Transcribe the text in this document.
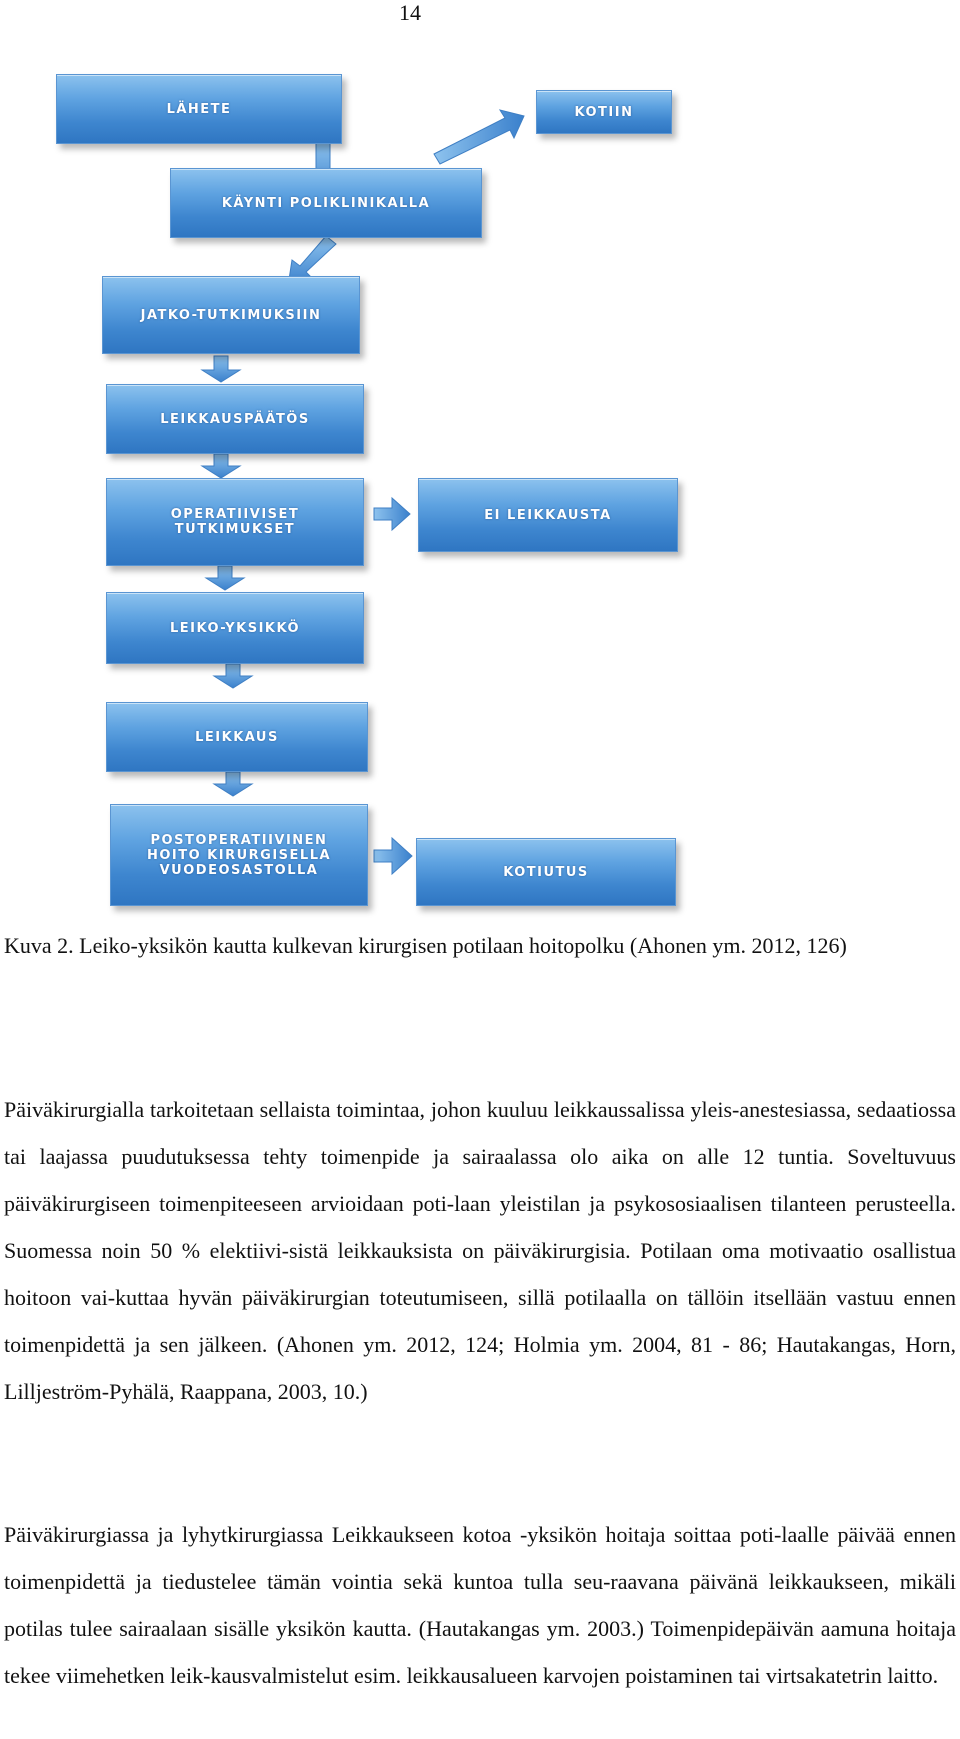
14
LÄHETE	KOTIIN
KÄYNTI POLIKLINIKALLA
JATKO-TUTKIMUKSIIN
LEIKKAUSPÄÄTÖS
OPERATIIVISET
TUTKIMUKSET
EI LEIKKAUSTA
LEIKO-YKSIKKÖ
LEIKKAUS
POSTOPERATIIVINEN
HOITO KIRURGISELLA
VUODEOSASTOLLA	KOTIUTUS

Kuva 2. Leiko-yksikön kautta kulkevan kirurgisen potilaan hoitopolku (Ahonen ym. 2012, 126)

Päiväkirurgialla tarkoitetaan sellaista toimintaa, johon kuuluu leikkaussalissa yleis-anestesiassa, sedaatiossa tai laajassa puudutuksessa tehty toimenpide ja sairaalassa olo aika on alle 12 tuntia. Soveltuvuus päiväkirurgiseen toimenpiteeseen arvioidaan poti-laan yleistilan ja psykososiaalisen tilanteen perusteella. Suomessa noin 50 % elektiivi-sistä leikkauksista on päiväkirurgisia. Potilaan oma motivaatio osallistua hoitoon vai-kuttaa hyvän päiväkirurgian toteutumiseen, sillä potilaalla on tällöin itsellään vastuu ennen toimenpidettä ja sen jälkeen. (Ahonen ym. 2012, 124; Holmia ym. 2004, 81 - 86; Hautakangas, Horn, Lilljeström-Pyhälä, Raappana, 2003, 10.)

Päiväkirurgiassa ja lyhytkirurgiassa Leikkaukseen kotoa -yksikön hoitaja soittaa poti-laalle päivää ennen toimenpidettä ja tiedustelee tämän vointia sekä kuntoa tulla seu-raavana päivänä leikkaukseen, mikäli potilas tulee sairaalaan sisälle yksikön kautta. (Hautakangas ym. 2003.) Toimenpidepäivän aamuna hoitaja tekee viimehetken leik-kausvalmistelut esim. leikkausalueen karvojen poistaminen tai virtsakatetrin laitto.
